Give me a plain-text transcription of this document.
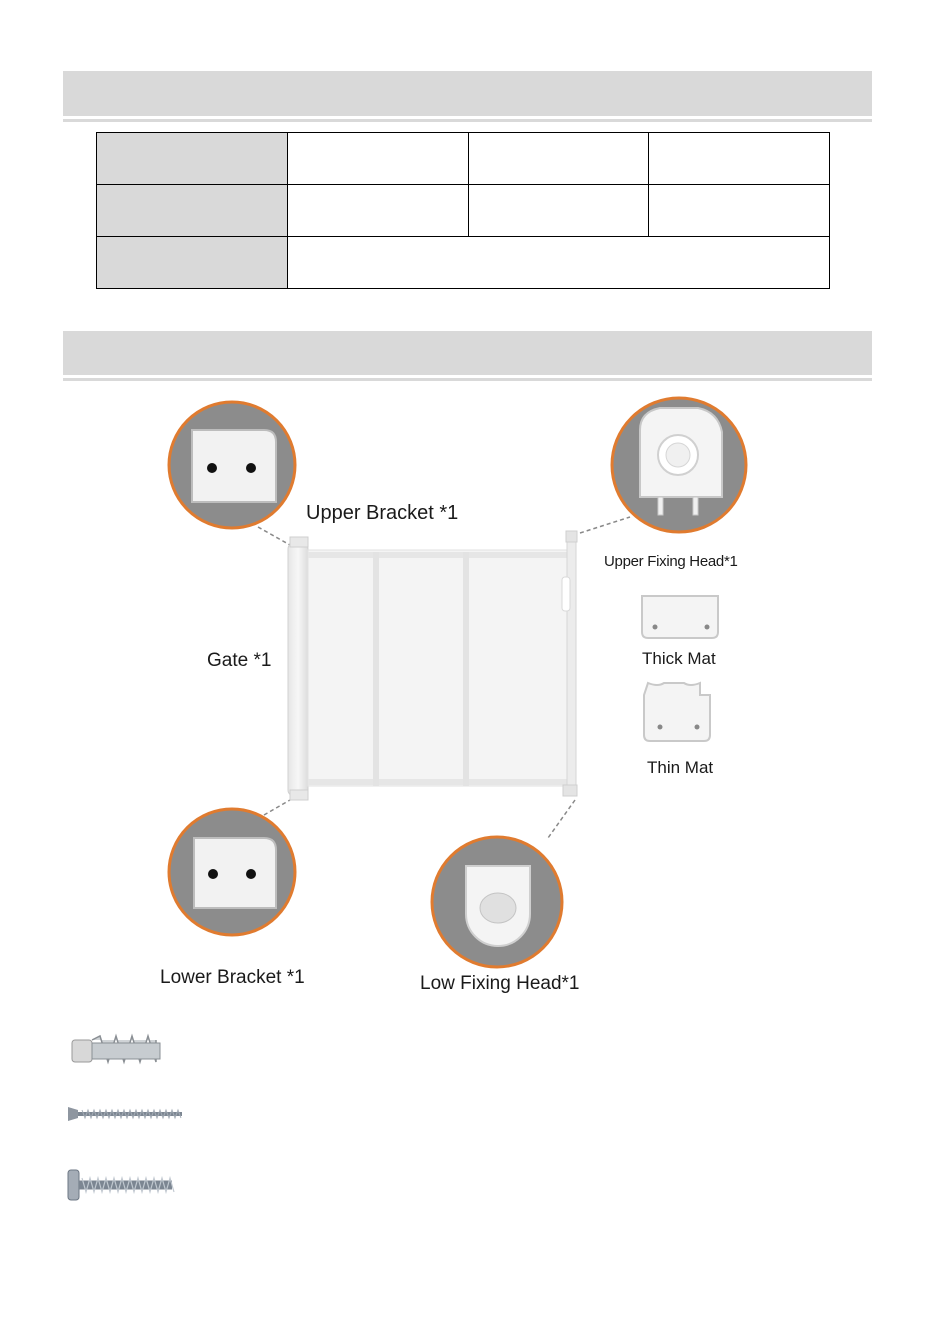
Upper Bracket *1
Upper Fixing Head*1
Gate *1	Thick Mat
Thin Mat
Lower Bracket *1	Low Fixing Head*1
